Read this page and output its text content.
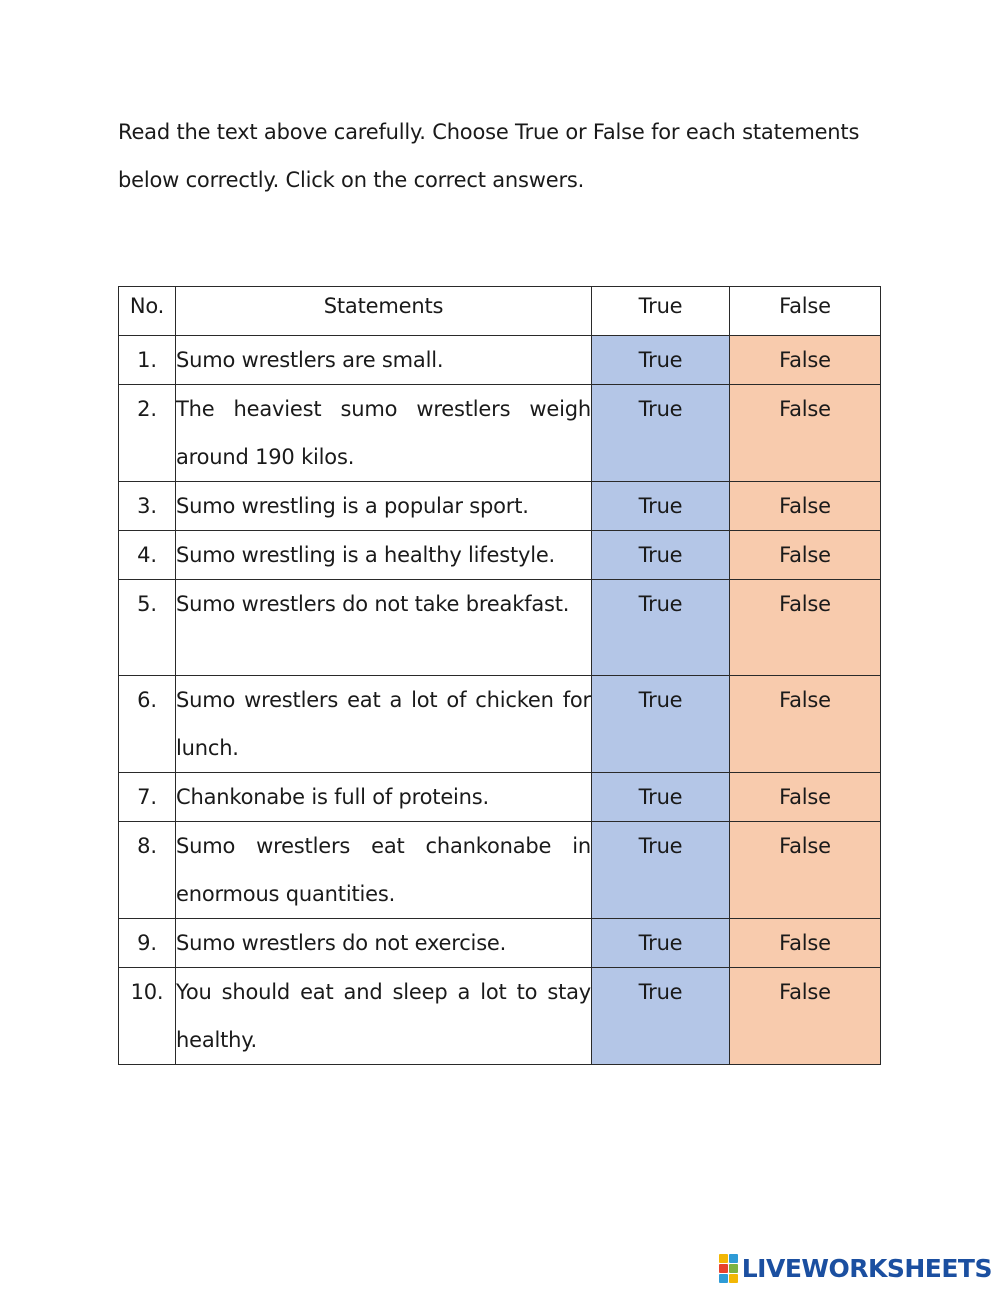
Read the text above carefully. Choose True or False for each statements

below correctly. Click on the correct answers.

No.	Statements	True	False
1.	Sumo wrestlers are small.	True	False
2.	The heaviest sumo wrestlers weigh around 190 kilos.	True	False
3.	Sumo wrestling is a popular sport.	True	False
4.	Sumo wrestling is a healthy lifestyle.	True	False
5.	Sumo wrestlers do not take breakfast.	True	False
6.	Sumo wrestlers eat a lot of chicken for lunch.	True	False
7.	Chankonabe is full of proteins.	True	False
8.	Sumo wrestlers eat chankonabe in enormous quantities.	True	False
9.	Sumo wrestlers do not exercise.	True	False
10.	You should eat and sleep a lot to stay healthy.	True	False
LIVEWORKSHEETS
